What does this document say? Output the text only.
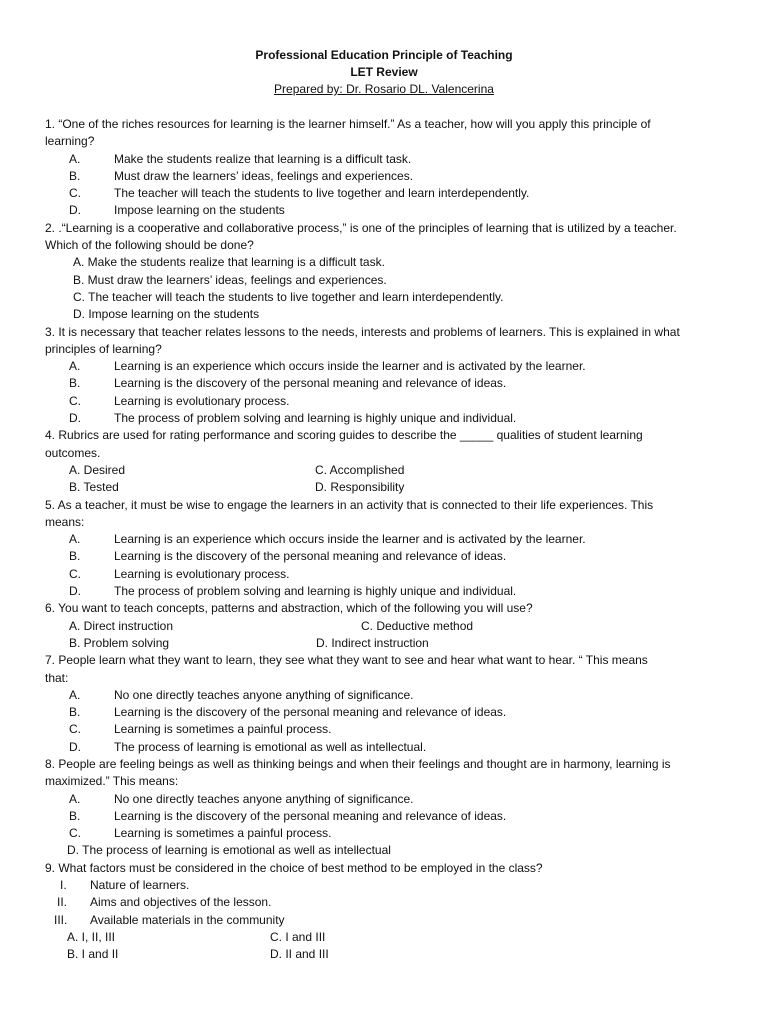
Professional Education Principle of Teaching
LET Review
Prepared by: Dr. Rosario DL. Valencerina
1. “One of the riches resources for learning is the learner himself.” As a teacher, how will you apply this principle of
learning?
A.	Make the students realize that learning is a difficult task.
B.	Must draw the learners’ ideas, feelings and experiences.
C.	The teacher will teach the students to live together and learn interdependently.
D.	Impose learning on the students
2. .“Learning is a cooperative and collaborative process,” is one of the principles of learning that is utilized by a teacher.
Which of the following should be done?
A. Make the students realize that learning is a difficult task.
B. Must draw the learners’ ideas, feelings and experiences.
C. The teacher will teach the students to live together and learn interdependently.
D. Impose learning on the students
3. It is necessary that teacher relates lessons to the needs, interests and problems of learners. This is explained in what
principles of learning?
A.	Learning is an experience which occurs inside the learner and is activated by the learner.
B.	Learning is the discovery of the personal meaning and relevance of ideas.
C.	Learning is evolutionary process.
D.	The process of problem solving and learning is highly unique and individual.
4. Rubrics are used for rating performance and scoring guides to describe the _____ qualities of student learning
outcomes.
A. Desired	C. Accomplished
B. Tested	D. Responsibility
5. As a teacher, it must be wise to engage the learners in an activity that is connected to their life experiences. This
means:
A.	Learning is an experience which occurs inside the learner and is activated by the learner.
B.	Learning is the discovery of the personal meaning and relevance of ideas.
C.	Learning is evolutionary process.
D.	The process of problem solving and learning is highly unique and individual.
6. You want to teach concepts, patterns and abstraction, which of the following you will use?
A. Direct instruction	C. Deductive method
B. Problem solving	D. Indirect instruction
7. People learn what they want to learn, they see what they want to see and hear what want to hear. “ This means
that:
A.	No one directly teaches anyone anything of significance.
B.	Learning is the discovery of the personal meaning and relevance of ideas.
C.	Learning is sometimes a painful process.
D.	The process of learning is emotional as well as intellectual.
8. People are feeling beings as well as thinking beings and when their feelings and thought are in harmony, learning is
maximized.” This means:
A.	No one directly teaches anyone anything of significance.
B.	Learning is the discovery of the personal meaning and relevance of ideas.
C.	Learning is sometimes a painful process.
D. The process of learning is emotional as well as intellectual
9. What factors must be considered in the choice of best method to be employed in the class?
I. Nature of learners.
II. Aims and objectives of the lesson.
III. Available materials in the community
A. I, II, III	C. I and III
B. I and II	D. II and III
